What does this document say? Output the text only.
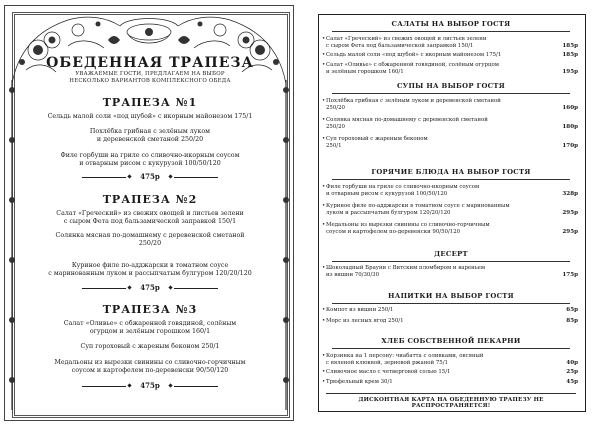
ОБЕДЕННАЯ ТРАПЕЗА
УВАЖАЕМЫЕ ГОСТИ, ПРЕДЛАГАЕМ НА ВЫБОР
НЕСКОЛЬКО ВАРИАНТОВ КОМПЛЕКСНОГО ОБЕДА
ТРАПЕЗА №1
Сельдь малой соли «под шубой» с икорным майонезом 175/1
Похлёбка грибная с зелёным луком
и деревенской сметаной 250/20
Филе горбуши на гриле со сливочно-икорным соусом
и отварным рисом с кукурузой 100/50/120
475р
ТРАПЕЗА №2
Салат «Греческий» из свежих овощей и листьев зелени
с сыром Фета под бальзамической заправкой 150/1
Солянка мясная по-домашнему с деревенской сметаной
250/20
Куриное филе по-адджарски в томатном соусе
с маринованным луком и рассыпчатым булгуром 120/20/120
475р
ТРАПЕЗА №3
Салат «Оливье» с обжаренной говядиной, солёным
огурцом и зелёным горошком 160/1
Суп гороховый с жареным беконом 250/1
Медальоны из вырезки свинины со сливочно-горчичным
соусом и картофелем по-деревенски 90/50/120
475р
САЛАТЫ НА ВЫБОР ГОСТЯ
• Салат «Греческий» из свежих овощей и листьев зелени
с сыром Фета под бальзамической заправкой 150/1	185р
• Сельдь малой соли «под шубой» с икорным майонезом 175/1	185р
• Салат «Оливье» с обжаренной говядиной, солёным огурцом
и зелёным горошком 160/1	195р
СУПЫ НА ВЫБОР ГОСТЯ
• Похлёбка грибная с зелёным луком и деревенской сметаной
250/20	160р
• Солянка мясная по-домашнему с деревенской сметаной
250/20	180р
• Суп гороховый с жареным беконом
250/1	170р
ГОРЯЧИЕ БЛЮДА НА ВЫБОР ГОСТЯ
• Филе горбуши на гриле со сливочно-икорным соусом
и отварным рисом с кукурузой 100/50/120	328р
• Куриное филе по-адджарски в томатном соусе с маринованным
луком и рассыпчатым булгуром 120/20/120	295р
• Медальоны из вырезки свинины со сливочно-горчичным
соусом и картофелем по-деревенски 90/50/120	295р
ДЕСЕРТ
• Шоколадный Брауни с Витским пломбиром и вареньем
из вишни 70/30/30	175р
НАПИТКИ НА ВЫБОР ГОСТЯ
• Компот из вишни 250/1	65р
• Морс из лесных ягод 250/1	85р
ХЛЕБ СОБСТВЕННОЙ ПЕКАРНИ
• Корзинка на 1 персону: чиабатта с оливками, овсяный
с вяленой клюквой, зерновой ржаной 75/1	40р
• Сливочное масло с четверговой солью 15/1	25р
• Трюфельный крем 30/1	45р
ДИСКОНТНАЯ КАРТА НА ОБЕДЕННУЮ ТРАПЕЗУ НЕ РАСПРОСТРАНЯЕТСЯ!
